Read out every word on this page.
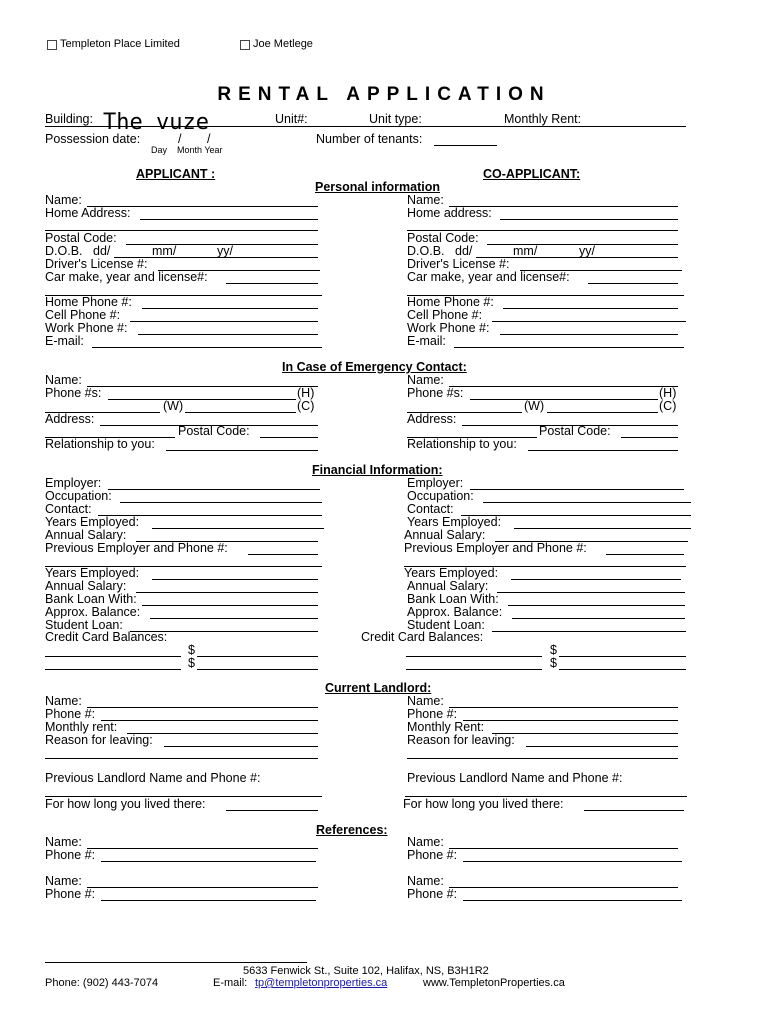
Templeton Place Limited	Joe Metlege
RENTAL APPLICATION
Building: The vuze	Unit#:	Unit type:	Monthly Rent:
Possession date:	/ /
Day Month Year
Number of tenants:
APPLICANT :	CO-APPLICANT:
Personal information
Name:
Home Address:
Postal Code:
D.O.B. dd/	mm/	yy/
Driver's License #:
Car make, year and license#:
Home Phone #:
Cell Phone #:
Work Phone #:
E-mail:
Name:
Home address:
Postal Code:
D.O.B. dd/	mm/	yy/
Driver's License #:
Car make, year and license#:
Home Phone #:
Cell Phone #:
Work Phone #:
E-mail:
In Case of Emergency Contact:
Name:
Phone #s:	(H)
(W)	(C)
Address:
Postal Code:
Relationship to you:
Name:
Phone #s:	(H)
(W)	(C)
Address:
Postal Code:
Relationship to you:
Financial Information:
Employer:
Occupation:
Contact:
Years Employed:
Annual Salary:
Previous Employer and Phone #:
Years Employed:
Annual Salary:
Bank Loan With:
Approx. Balance:
Student Loan:
Credit Card Balances:
$
$
Employer:
Occupation:
Contact:
Years Employed:
Annual Salary:
Previous Employer and Phone #:
Years Employed:
Annual Salary:
Bank Loan With:
Approx. Balance:
Student Loan:
Credit Card Balances:
$
$
Current Landlord:
Name:
Phone #:
Monthly rent:
Reason for leaving:
Previous Landlord Name and Phone #:
For how long you lived there:
Name:
Phone #:
Monthly Rent:
Reason for leaving:
Previous Landlord Name and Phone #:
For how long you lived there:
References:
Name:
Phone #:
Name:
Phone #:
Name:
Phone #:
Name:
Phone #:
5633 Fenwick St., Suite 102, Halifax, NS, B3H1R2
Phone: (902) 443-7074	E-mail: tp@templetonproperties.ca	www.TempletonProperties.ca
